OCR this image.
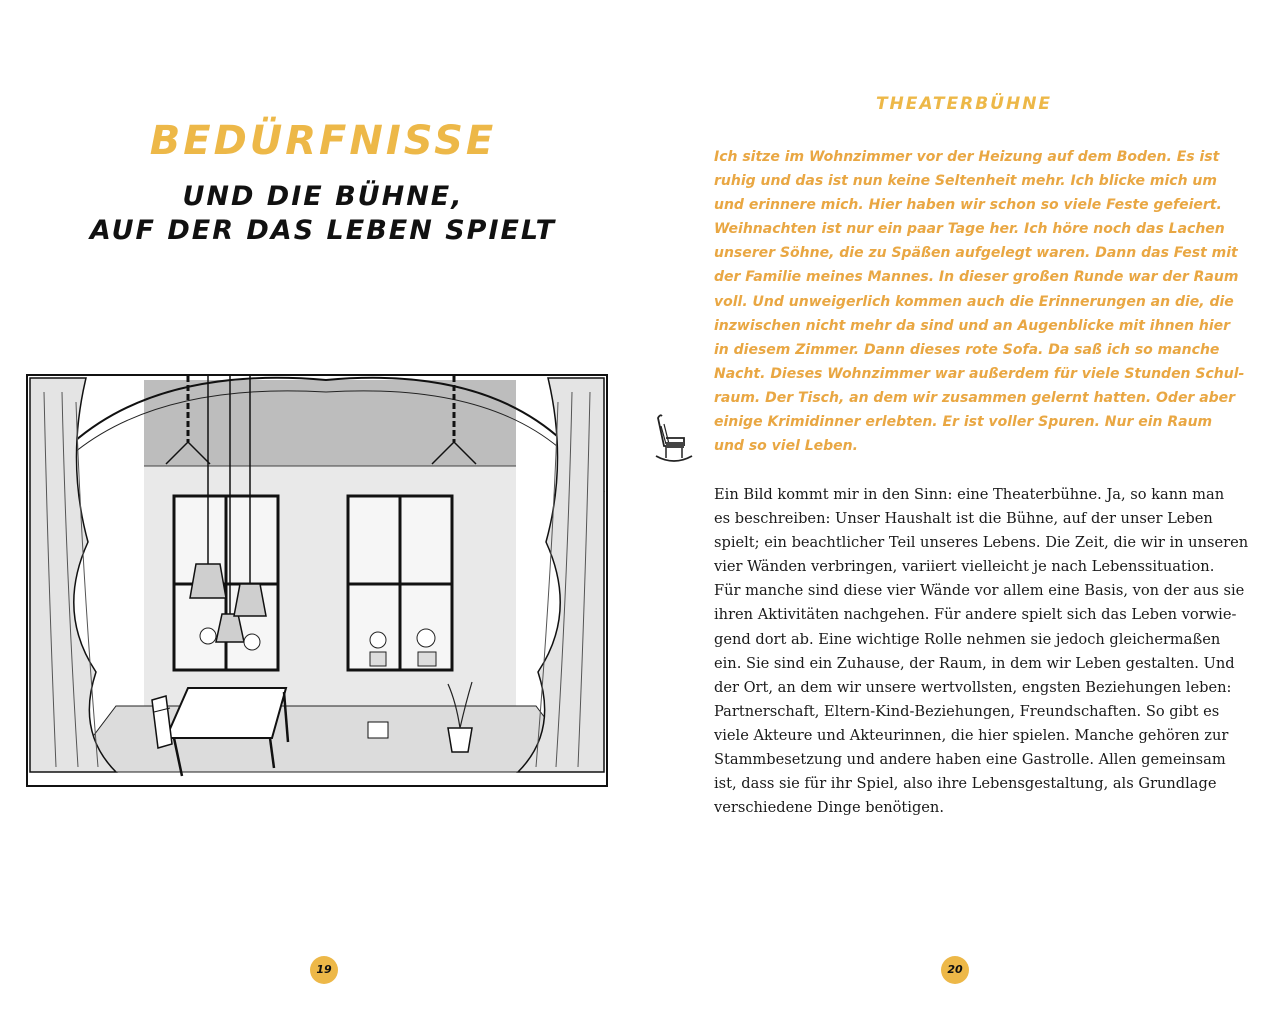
BEDÜRFNISSE
UND DIE BÜHNE,
AUF DER DAS LEBEN SPIELT
19
THEATERBÜHNE
Ich sitze im Wohnzimmer vor der Heizung auf dem Boden. Es ist
ruhig und das ist nun keine Seltenheit mehr. Ich blicke mich um
und erinnere mich. Hier haben wir schon so viele Feste gefeiert.
Weihnachten ist nur ein paar Tage her. Ich höre noch das Lachen
unserer Söhne, die zu Späßen aufgelegt waren. Dann das Fest mit
der Familie meines Mannes. In dieser großen Runde war der Raum
voll. Und unweigerlich kommen auch die Erinnerungen an die, die
inzwischen nicht mehr da sind und an Augenblicke mit ihnen hier
in diesem Zimmer. Dann dieses rote Sofa. Da saß ich so manche
Nacht. Dieses Wohnzimmer war außerdem für viele Stunden Schul-
raum. Der Tisch, an dem wir zusammen gelernt hatten. Oder aber
einige Krimidinner erlebten. Er ist voller Spuren. Nur ein Raum
und so viel Leben.
Ein Bild kommt mir in den Sinn: eine Theaterbühne. Ja, so kann man
es beschreiben: Unser Haushalt ist die Bühne, auf der unser Leben
spielt; ein beachtlicher Teil unseres Lebens. Die Zeit, die wir in unseren
vier Wänden verbringen, variiert vielleicht je nach Lebenssituation.
Für manche sind diese vier Wände vor allem eine Basis, von der aus sie
ihren Aktivitäten nachgehen. Für andere spielt sich das Leben vorwie-
gend dort ab. Eine wichtige Rolle nehmen sie jedoch gleichermaßen
ein. Sie sind ein Zuhause, der Raum, in dem wir Leben gestalten. Und
der Ort, an dem wir unsere wertvollsten, engsten Beziehungen leben:
Partnerschaft, Eltern-Kind-Beziehungen, Freundschaften. So gibt es
viele Akteure und Akteurinnen, die hier spielen. Manche gehören zur
Stammbesetzung und andere haben eine Gastrolle. Allen gemeinsam
ist, dass sie für ihr Spiel, also ihre Lebensgestaltung, als Grundlage
verschiedene Dinge benötigen.
20
